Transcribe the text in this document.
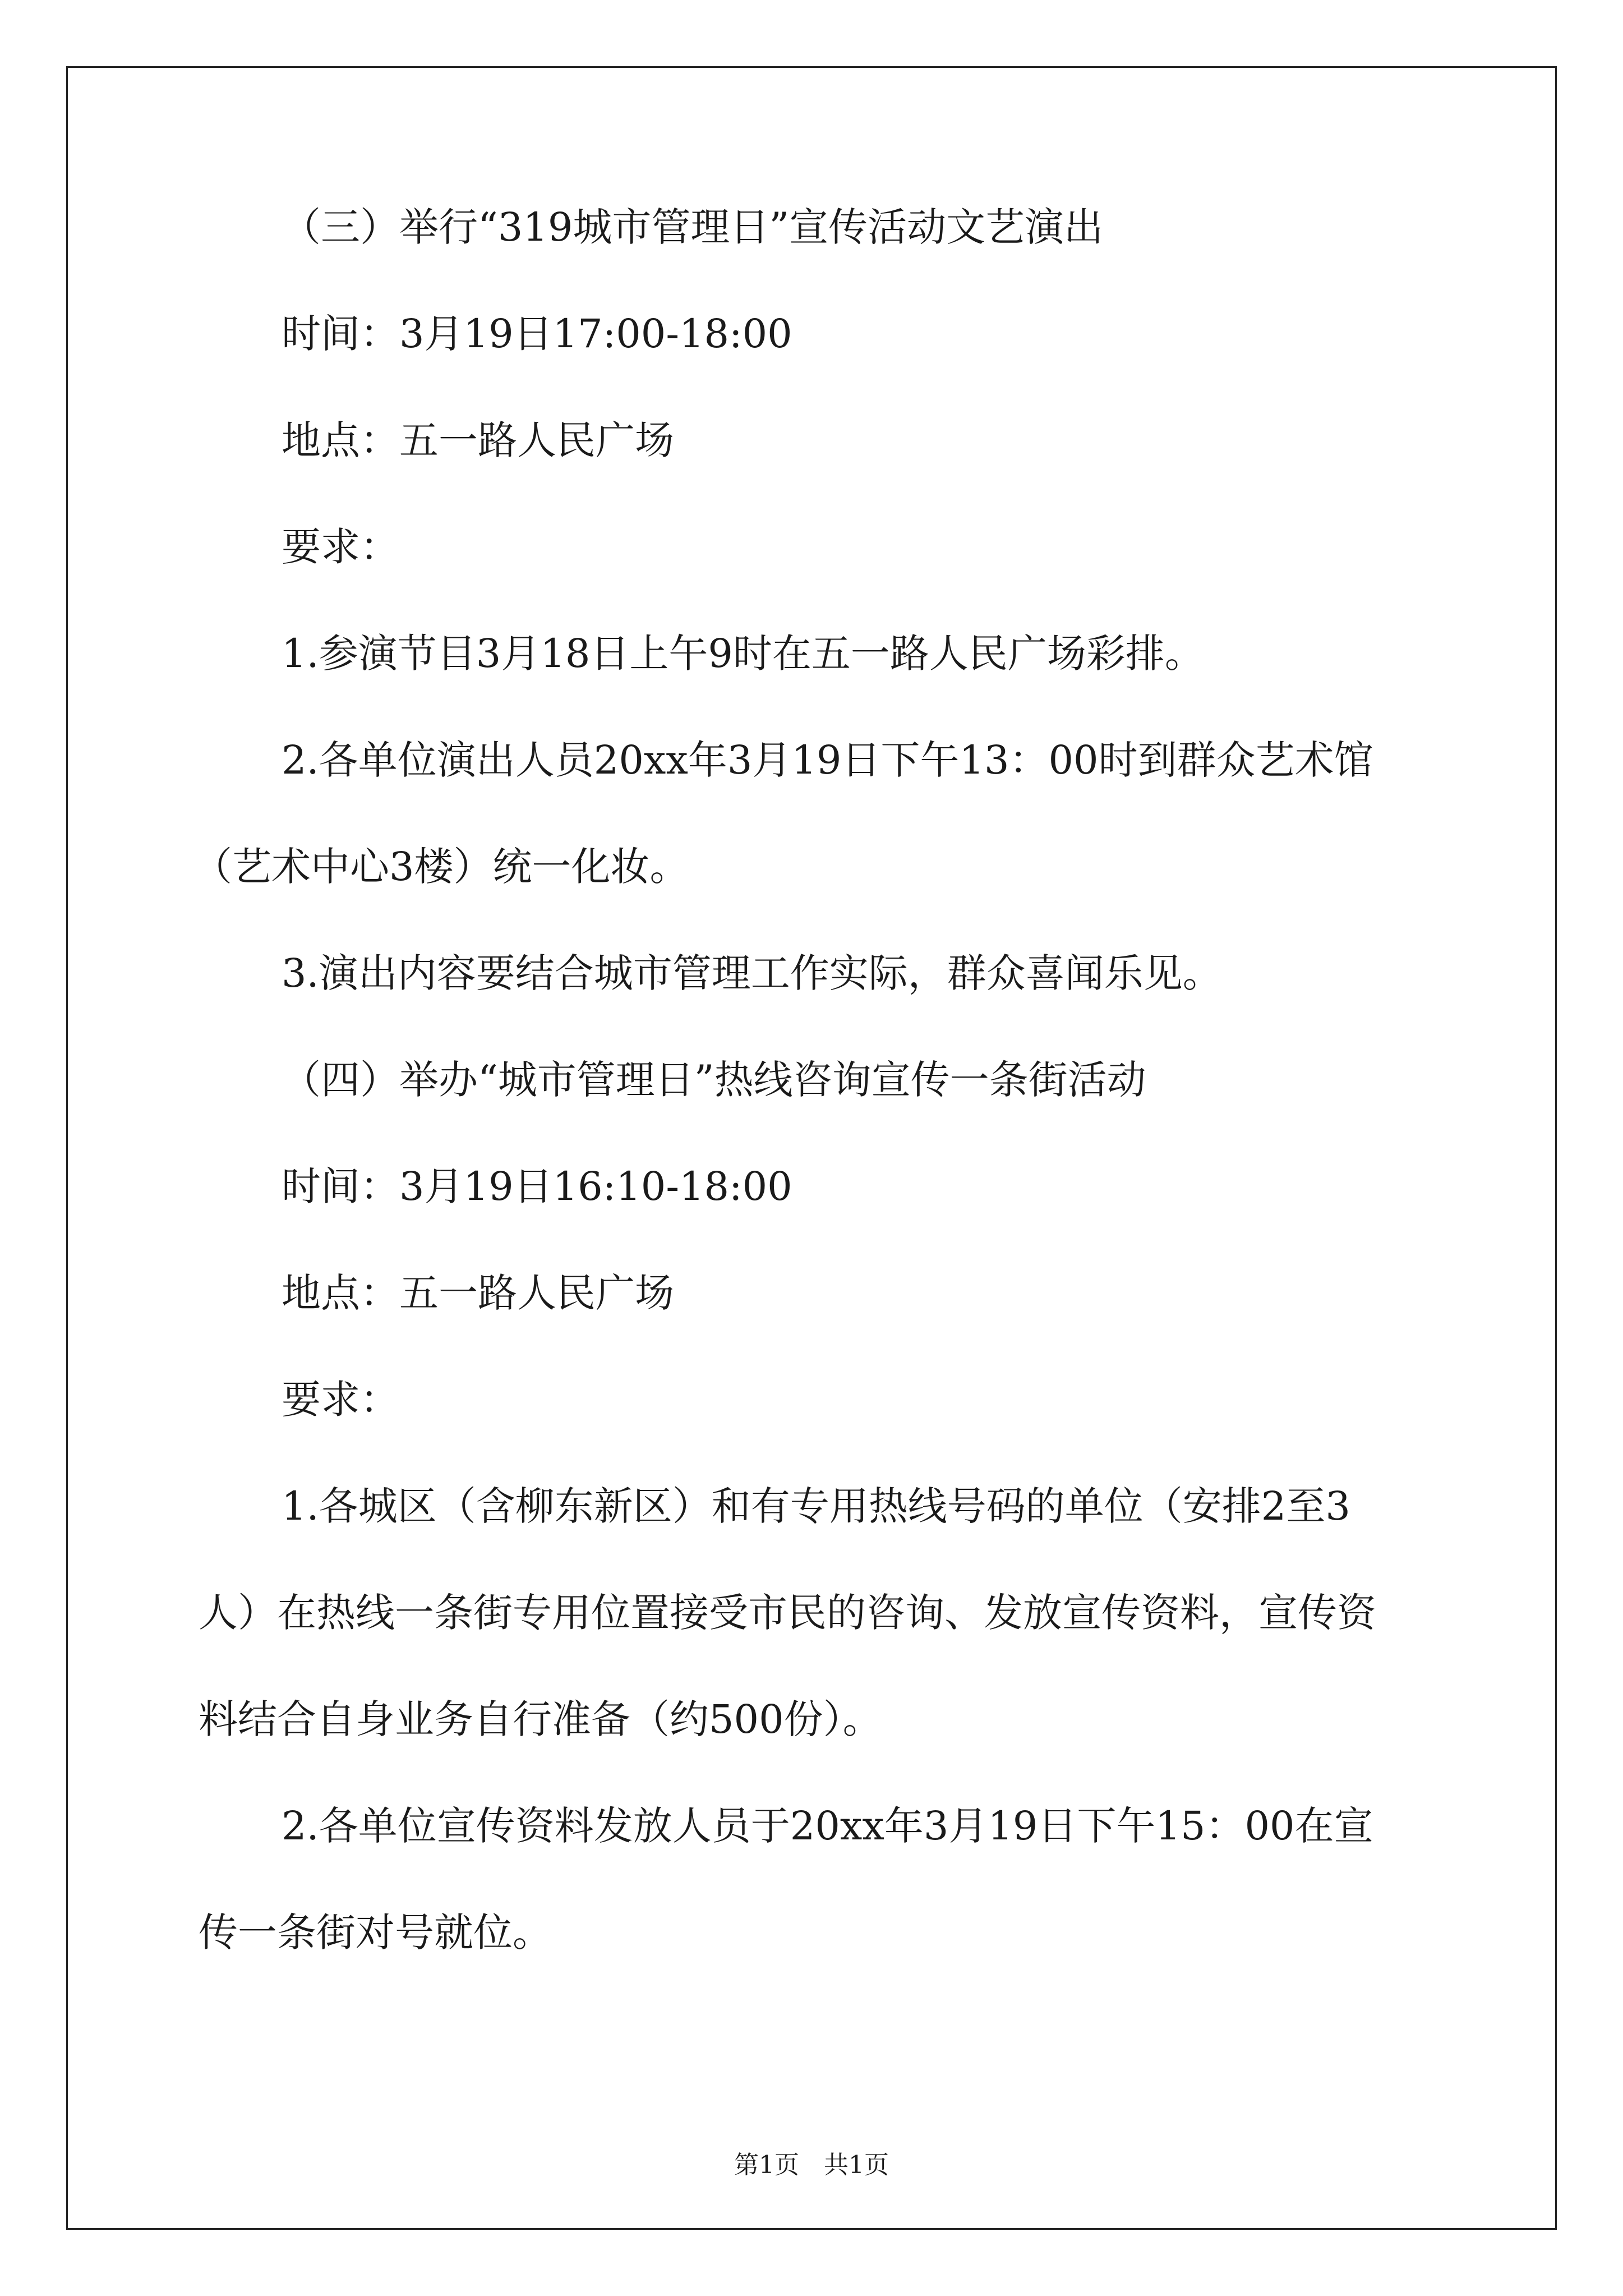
（三）举行“319城市管理日”宣传活动文艺演出

时间：3月19日17:00-18:00

地点：五一路人民广场

要求：

1.参演节目3月18日上午9时在五一路人民广场彩排。

2.各单位演出人员20xx年3月19日下午13：00时到群众艺术馆

（艺术中心3楼）统一化妆。

3.演出内容要结合城市管理工作实际，群众喜闻乐见。

（四）举办“城市管理日”热线咨询宣传一条街活动

时间：3月19日16:10-18:00

地点：五一路人民广场

要求：

1.各城区（含柳东新区）和有专用热线号码的单位（安排2至3

人）在热线一条街专用位置接受市民的咨询、发放宣传资料，宣传资

料结合自身业务自行准备（约500份）。

2.各单位宣传资料发放人员于20xx年3月19日下午15：00在宣

传一条街对号就位。

第1页　共1页
